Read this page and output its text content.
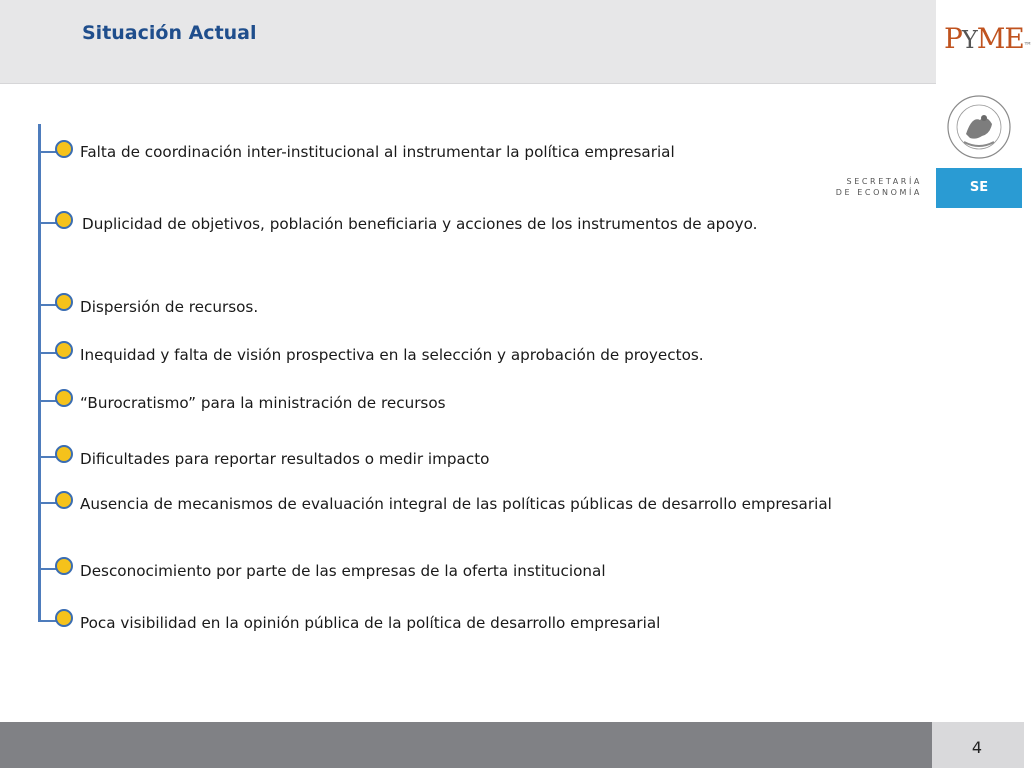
Situación Actual	PYME™
SECRETARÍA
DE ECONOMÍA	SE
Falta de coordinación inter-institucional al instrumentar la política empresarial
Duplicidad de objetivos, población beneficiaria y acciones de los instrumentos de apoyo.
Dispersión de recursos.
Inequidad y falta de visión prospectiva en la selección y aprobación de proyectos.
“Burocratismo” para la ministración de recursos
Dificultades para reportar resultados o medir impacto
Ausencia de mecanismos de evaluación integral de las políticas públicas de desarrollo empresarial
Desconocimiento por parte de las empresas de la oferta institucional
Poca visibilidad en la opinión pública de la política de desarrollo empresarial
4
